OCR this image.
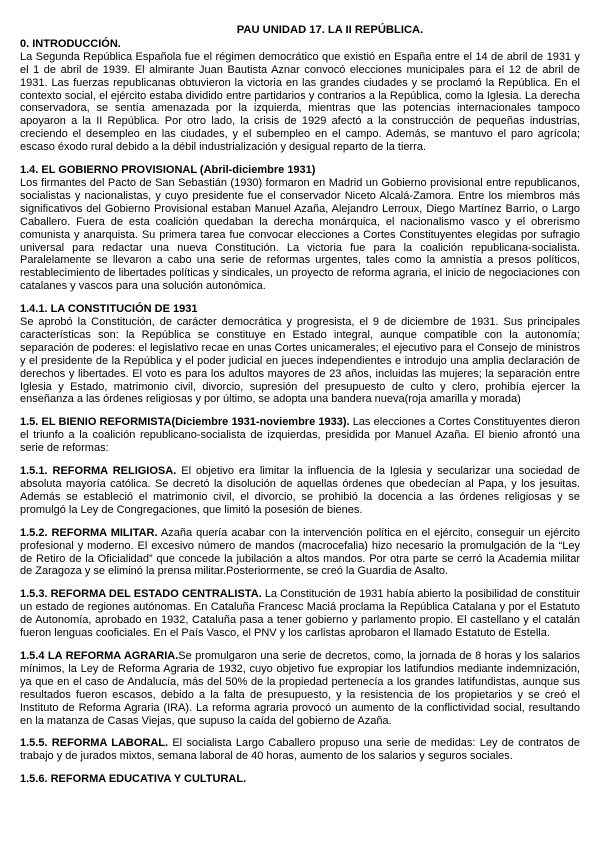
PAU UNIDAD 17. LA II REPÚBLICA.
0. INTRODUCCIÓN.

La Segunda República Española fue el régimen democrático que existió en España entre el 14 de abril de 1931 y el 1 de abril de 1939. El almirante Juan Bautista Aznar convocó elecciones municipales para el 12 de abril de 1931. Las fuerzas republicanas obtuvieron la victoria en las grandes ciudades y se proclamó la República. En el contexto social, el ejército estaba dividido entre partidarios y contrarios a la República, como la Iglesia. La derecha conservadora, se sentía amenazada por la izquierda, mientras que las potencias internacionales tampoco apoyaron a la II República. Por otro lado, la crisis de 1929 afectó a la construcción de pequeñas industrias, creciendo el desempleo en las ciudades, y el subempleo en el campo. Además, se mantuvo el paro agrícola; escaso éxodo rural debido a la débil industrialización y desigual reparto de la tierra.

1.4. EL GOBIERNO PROVISIONAL (Abril-diciembre 1931)

Los firmantes del Pacto de San Sebastián (1930) formaron en Madrid un Gobierno provisional entre republicanos, socialistas y nacionalistas, y cuyo presidente fue el conservador Niceto Alcalá-Zamora. Entre los miembros más significativos del Gobierno Provisional estaban Manuel Azaña, Alejandro Lerroux, Diego Martínez Barrio, o Largo Caballero. Fuera de esta coalición quedaban la derecha monárquica, el nacionalismo vasco y el obrerismo comunista y anarquista. Su primera tarea fue convocar elecciones a Cortes Constituyentes elegidas por sufragio universal para redactar una nueva Constitución. La victoria fue para la coalición republicana-socialista. Paralelamente se llevaron a cabo una serie de reformas urgentes, tales como la amnistía a presos políticos, restablecimiento de libertades políticas y sindicales, un proyecto de reforma agraria, el inicio de negociaciones con catalanes y vascos para una solución autonómica.

1.4.1. LA CONSTITUCIÓN DE 1931

Se aprobó la Constitución, de carácter democrática y progresista, el 9 de diciembre de 1931. Sus principales características son: la República se constituye en Estado integral, aunque compatible con la autonomía; separación de poderes: el legislativo recae en unas Cortes unicamerales; el ejecutivo para el Consejo de ministros y el presidente de la República y el poder judicial en jueces independientes e introdujo una amplia declaración de derechos y libertades. El voto es para los adultos mayores de 23 años, incluidas las mujeres; la separación entre Iglesia y Estado, matrimonio civil, divorcio, supresión del presupuesto de culto y clero, prohibía ejercer la enseñanza a las órdenes religiosas y por último, se adopta una bandera nueva(roja amarilla y morada)

1.5. EL BIENIO REFORMISTA(Diciembre 1931-noviembre 1933). Las elecciones a Cortes Constituyentes dieron el triunfo a la coalición republicano-socialista de izquierdas, presidida por Manuel Azaña. El bienio afrontó una serie de reformas:

1.5.1. REFORMA RELIGIOSA. El objetivo era limitar la influencia de la Iglesia y secularizar una sociedad de absoluta mayoría católica. Se decretó la disolución de aquellas órdenes que obedecían al Papa, y los jesuitas. Además se estableció el matrimonio civil, el divorcio, se prohibió la docencia a las órdenes religiosas y se promulgó la Ley de Congregaciones, que limitó la posesión de bienes.

1.5.2. REFORMA MILITAR. Azaña quería acabar con la intervención política en el ejército, conseguir un ejército profesional y moderno. El excesivo número de mandos (macrocefalia) hizo necesario la promulgación de la “Ley de Retiro de la Oficialidad” que concede la jubilación a altos mandos. Por otra parte se cerró la Academia militar de Zaragoza y se eliminó la prensa militar.Posteriormente, se creó la Guardia de Asalto.

1.5.3. REFORMA DEL ESTADO CENTRALISTA. La Constitución de 1931 había abierto la posibilidad de constituir un estado de regiones autónomas. En Cataluña Francesc Maciá proclama la República Catalana y por el Estatuto de Autonomía, aprobado en 1932, Cataluña pasa a tener gobierno y parlamento propio. El castellano y el catalán fueron lenguas cooficiales. En el País Vasco, el PNV y los carlistas aprobaron el llamado Estatuto de Estella.

1.5.4 LA REFORMA AGRARIA.Se promulgaron una serie de decretos, como, la jornada de 8 horas y los salarios mínimos, la Ley de Reforma Agraria de 1932, cuyo objetivo fue expropiar los latifundios mediante indemnización, ya que en el caso de Andalucía, más del 50% de la propiedad pertenecía a los grandes latifundistas, aunque sus resultados fueron escasos, debido a la falta de presupuesto, y la resistencia de los propietarios y se creó el Instituto de Reforma Agraria (IRA). La reforma agraria provocó un aumento de la conflictividad social, resultando en la matanza de Casas Viejas, que supuso la caída del gobierno de Azaña.

1.5.5. REFORMA LABORAL. El socialista Largo Caballero propuso una serie de medidas: Ley de contratos de trabajo y de jurados mixtos, semana laboral de 40 horas, aumento de los salarios y seguros sociales.

1.5.6. REFORMA EDUCATIVA Y CULTURAL.
